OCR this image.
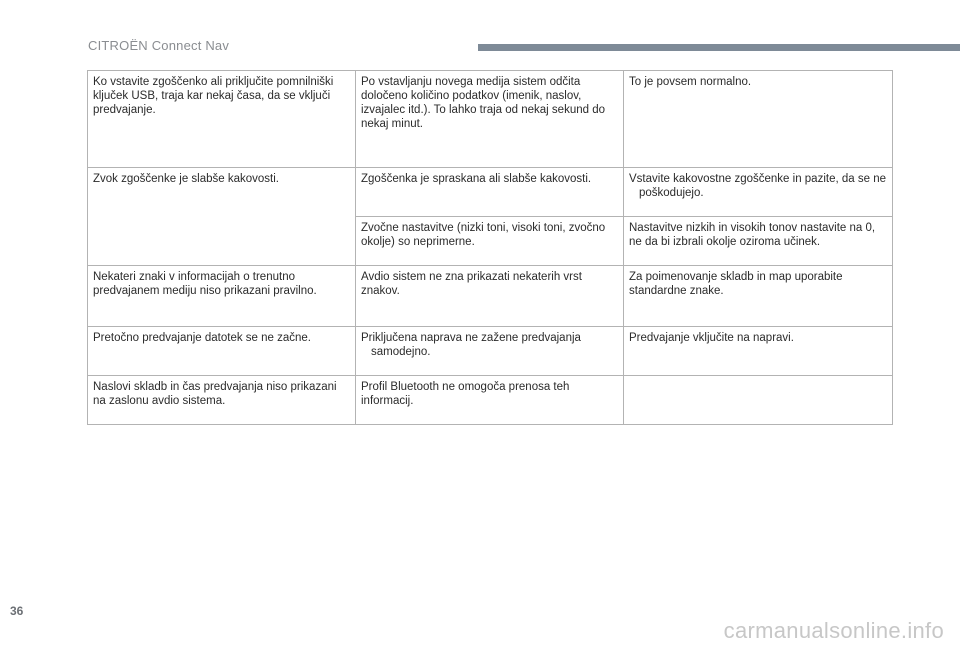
CITROËN Connect Nav
Ko vstavite zgoščenko ali priključite pomnilniški ključek USB, traja kar nekaj časa, da se vključi predvajanje.	Po vstavljanju novega medija sistem odčita določeno količino podatkov (imenik, naslov, izvajalec itd.). To lahko traja od nekaj sekund do nekaj minut.	To je povsem normalno.
Zvok zgoščenke je slabše kakovosti.	Zgoščenka je spraskana ali slabše kakovosti.	Vstavite kakovostne zgoščenke in pazite, da se ne poškodujejo.

	Zvočne nastavitve (nizki toni, visoki toni, zvočno okolje) so neprimerne.	Nastavitve nizkih in visokih tonov nastavite na 0, ne da bi izbrali okolje oziroma učinek.
Nekateri znaki v informacijah o trenutno predvajanem mediju niso prikazani pravilno.	Avdio sistem ne zna prikazati nekaterih vrst znakov.	Za poimenovanje skladb in map uporabite standardne znake.
Pretočno predvajanje datotek se ne začne.	Priključena naprava ne zažene predvajanja samodejno.	Predvajanje vključite na napravi.
Naslovi skladb in čas predvajanja niso prikazani na zaslonu avdio sistema.	Profil Bluetooth ne omogoča prenosa teh informacij.	
36
carmanualsonline.info
